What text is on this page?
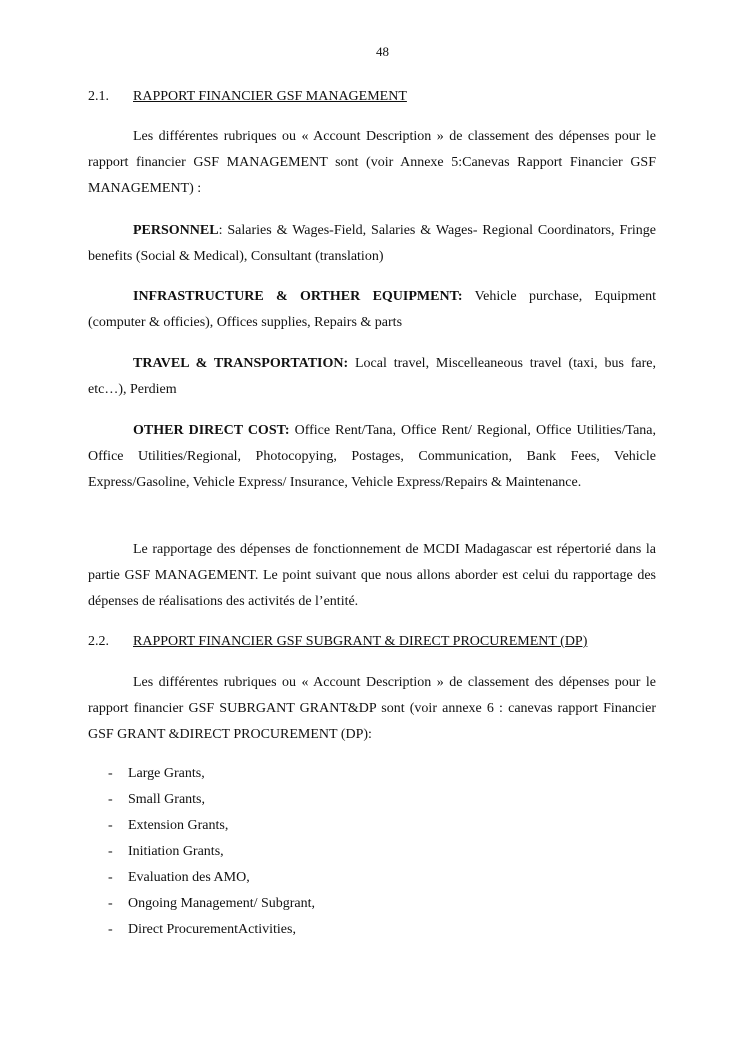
48
2.1. RAPPORT FINANCIER GSF MANAGEMENT

Les différentes rubriques ou « Account Description » de classement des dépenses pour le rapport financier GSF MANAGEMENT sont (voir Annexe 5:Canevas Rapport Financier GSF MANAGEMENT) :

PERSONNEL: Salaries & Wages-Field, Salaries & Wages- Regional Coordinators, Fringe benefits (Social & Medical), Consultant (translation)

INFRASTRUCTURE & ORTHER EQUIPMENT: Vehicle purchase, Equipment (computer & officies), Offices supplies, Repairs & parts

TRAVEL & TRANSPORTATION: Local travel, Miscelleaneous travel (taxi, bus fare, etc…), Perdiem

OTHER DIRECT COST: Office Rent/Tana, Office Rent/ Regional, Office Utilities/Tana, Office Utilities/Regional, Photocopying, Postages, Communication, Bank Fees, Vehicle Express/Gasoline, Vehicle Express/ Insurance, Vehicle Express/Repairs & Maintenance.

Le rapportage des dépenses de fonctionnement de MCDI Madagascar est répertorié dans la partie GSF MANAGEMENT. Le point suivant que nous allons aborder est celui du rapportage des dépenses de réalisations des activités de l’entité.

2.2. RAPPORT FINANCIER GSF SUBGRANT & DIRECT PROCUREMENT (DP)

Les différentes rubriques ou « Account Description » de classement des dépenses pour le rapport financier GSF SUBRGANT GRANT&DP sont (voir annexe 6 : canevas rapport Financier GSF GRANT &DIRECT PROCUREMENT (DP):

- Large Grants,
- Small Grants,
- Extension Grants,
- Initiation Grants,
- Evaluation des AMO,
- Ongoing Management/ Subgrant,
- Direct ProcurementActivities,
